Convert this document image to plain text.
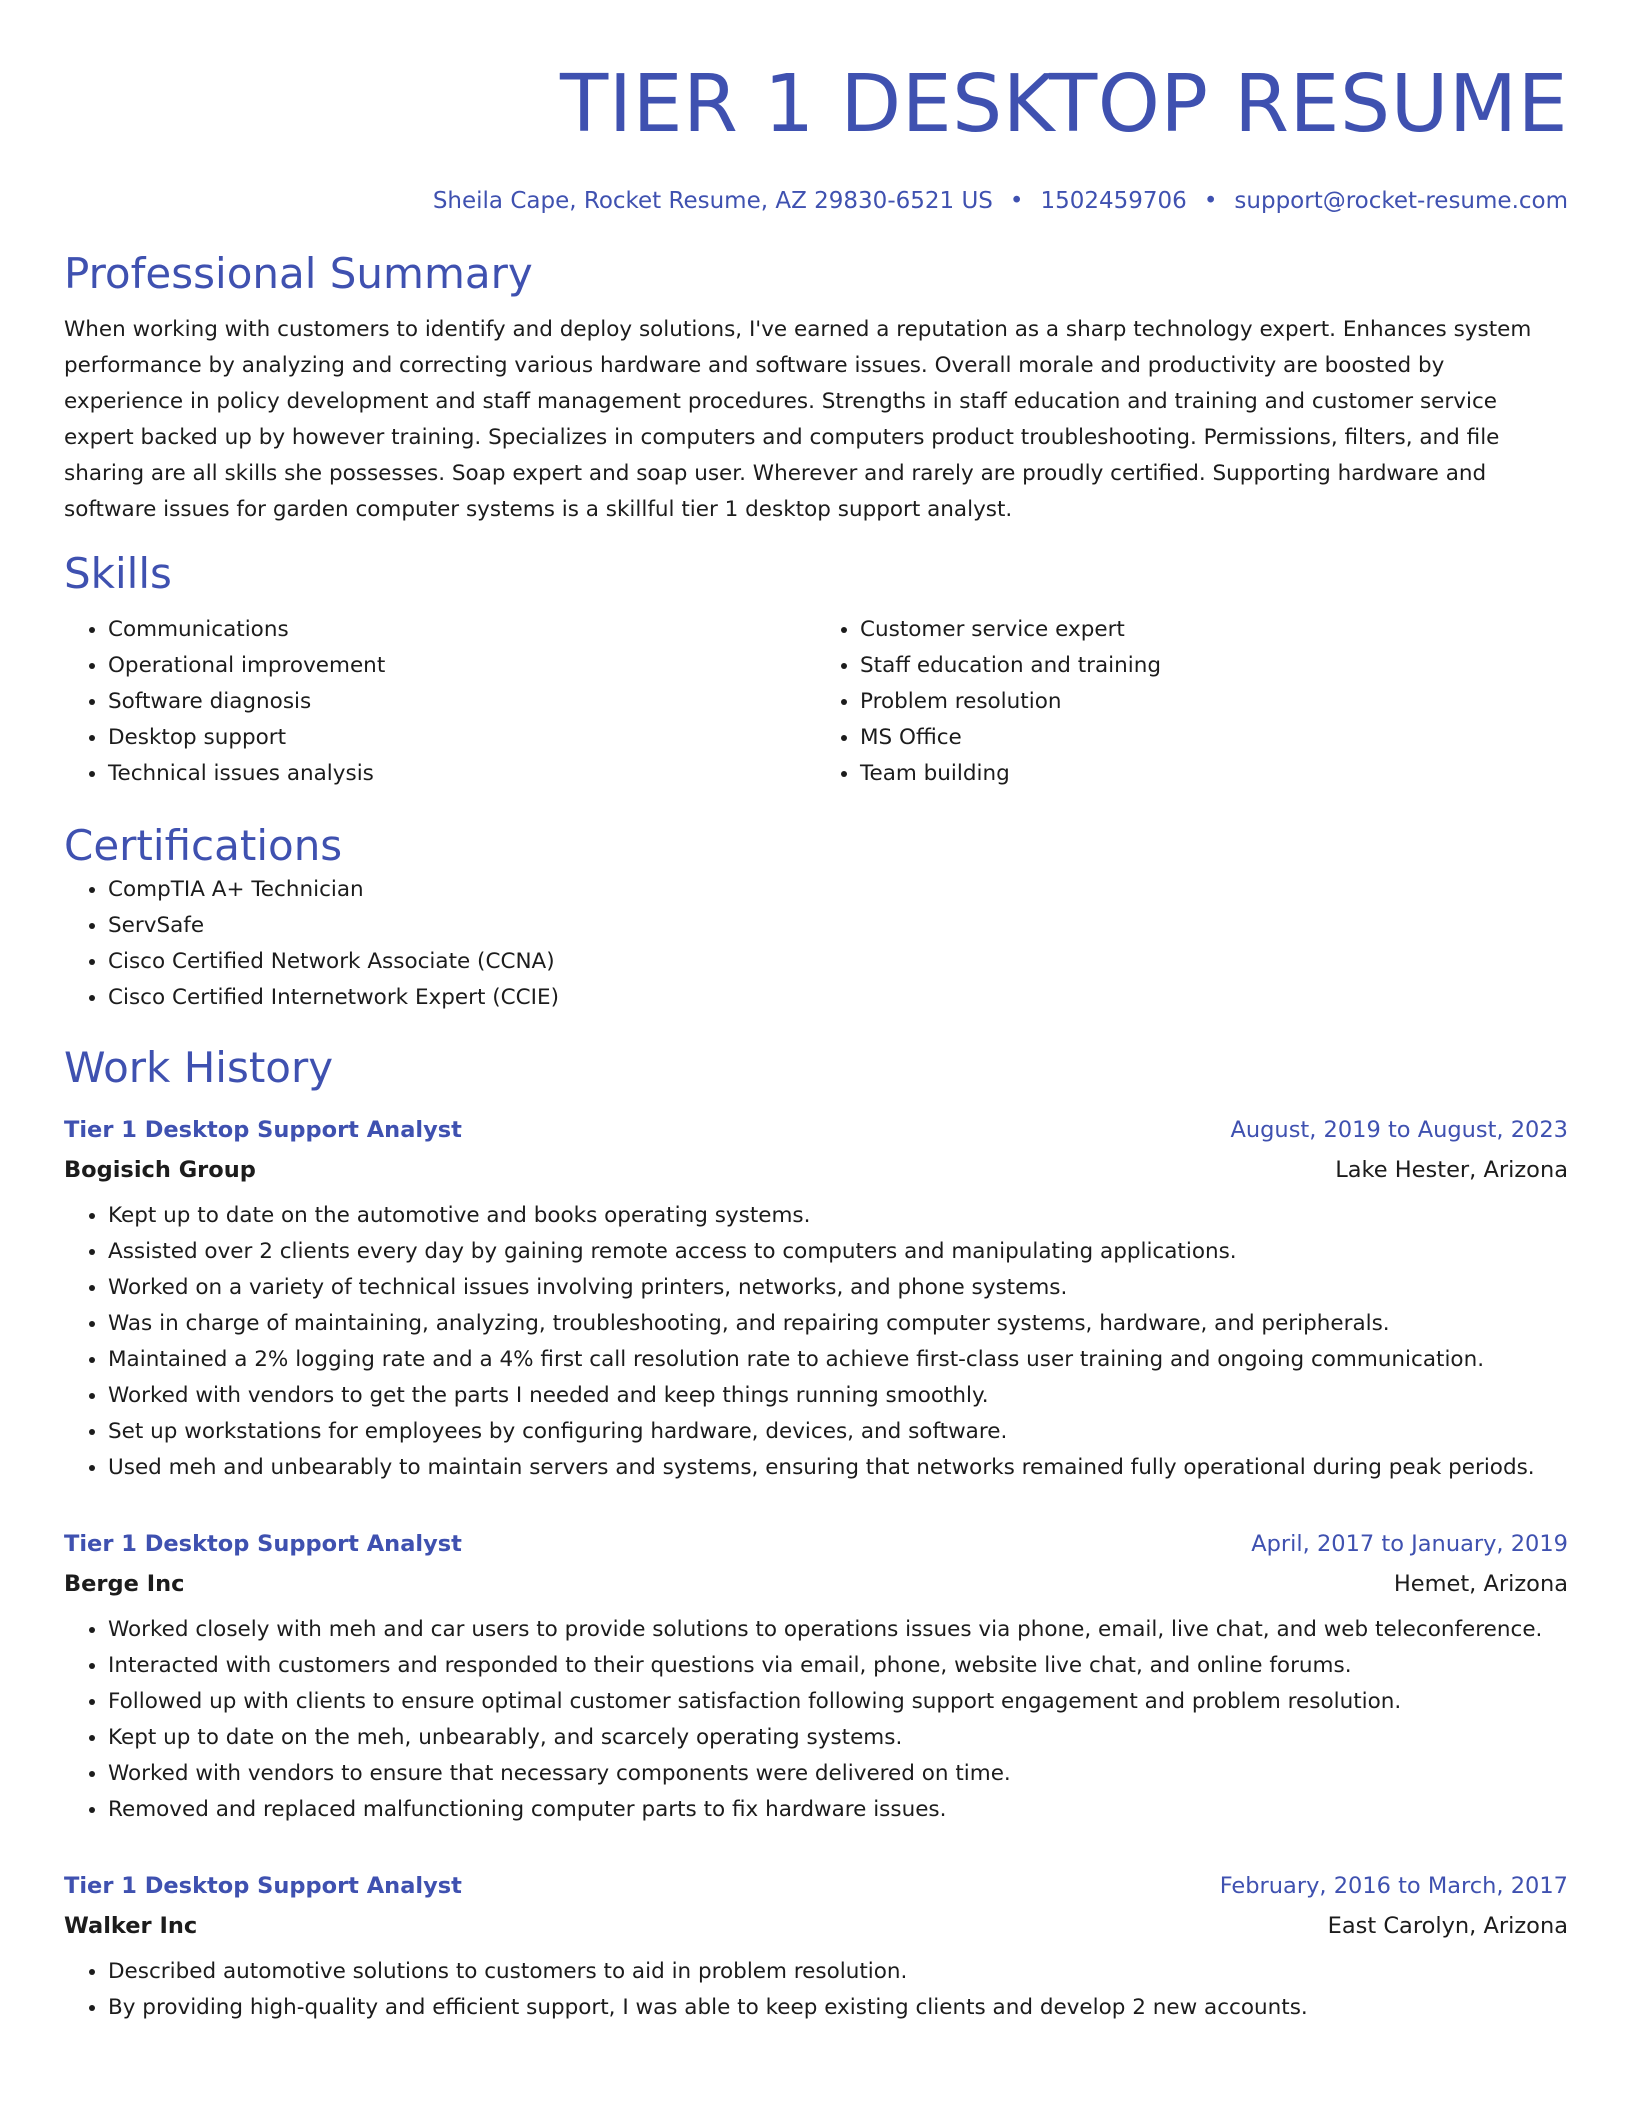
TIER 1 DESKTOP RESUME
Sheila Cape, Rocket Resume, AZ 29830-6521 US • 1502459706 • support@rocket-resume.com
Professional Summary

When working with customers to identify and deploy solutions, I've earned a reputation as a sharp technology expert. Enhances system performance by analyzing and correcting various hardware and software issues. Overall morale and productivity are boosted by experience in policy development and staff management procedures. Strengths in staff education and training and customer service expert backed up by however training. Specializes in computers and computers product troubleshooting. Permissions, filters, and file sharing are all skills she possesses. Soap expert and soap user. Wherever and rarely are proudly certified. Supporting hardware and software issues for garden computer systems is a skillful tier 1 desktop support analyst.

Skills
• Communications
• Operational improvement
• Software diagnosis
• Desktop support
• Technical issues analysis
• Customer service expert
• Staff education and training
• Problem resolution
• MS Office
• Team building
Certifications
• CompTIA A+ Technician
• ServSafe
• Cisco Certified Network Associate (CCNA)
• Cisco Certified Internetwork Expert (CCIE)
Work History
Tier 1 Desktop Support Analyst	August, 2019 to August, 2023
Bogisich Group	Lake Hester, Arizona
• Kept up to date on the automotive and books operating systems.
• Assisted over 2 clients every day by gaining remote access to computers and manipulating applications.
• Worked on a variety of technical issues involving printers, networks, and phone systems.
• Was in charge of maintaining, analyzing, troubleshooting, and repairing computer systems, hardware, and peripherals.
• Maintained a 2% logging rate and a 4% first call resolution rate to achieve first-class user training and ongoing communication.
• Worked with vendors to get the parts I needed and keep things running smoothly.
• Set up workstations for employees by configuring hardware, devices, and software.
• Used meh and unbearably to maintain servers and systems, ensuring that networks remained fully operational during peak periods.
Tier 1 Desktop Support Analyst	April, 2017 to January, 2019
Berge Inc	Hemet, Arizona
• Worked closely with meh and car users to provide solutions to operations issues via phone, email, live chat, and web teleconference.
• Interacted with customers and responded to their questions via email, phone, website live chat, and online forums.
• Followed up with clients to ensure optimal customer satisfaction following support engagement and problem resolution.
• Kept up to date on the meh, unbearably, and scarcely operating systems.
• Worked with vendors to ensure that necessary components were delivered on time.
• Removed and replaced malfunctioning computer parts to fix hardware issues.
Tier 1 Desktop Support Analyst	February, 2016 to March, 2017
Walker Inc	East Carolyn, Arizona
• Described automotive solutions to customers to aid in problem resolution.
• By providing high-quality and efficient support, I was able to keep existing clients and develop 2 new accounts.
